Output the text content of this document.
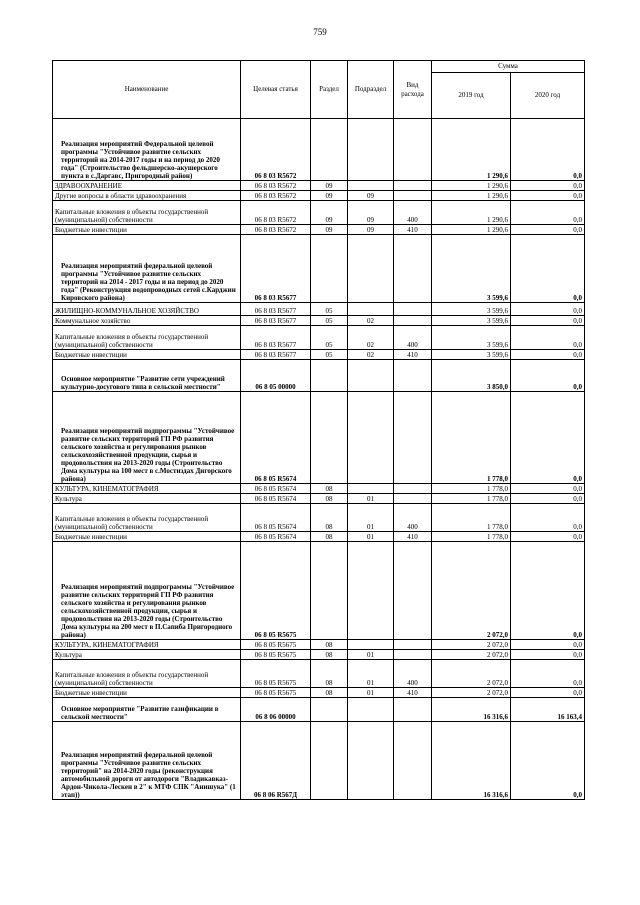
759
Наименование	Целевая статья	Раздел	Подраздел	Вид расхода	Сумма	
					2019 год	2020 год
Реализация мероприятий Федеральной целевой программы "Устойчивое развитие сельских территорий на 2014-2017 годы и на период до 2020 года" (Строительство фельдшерско-акушерского пункта в с.Даргавс, Пригородный район)	06 8 03 R5672				1 290,6	0,0
ЗДРАВООХРАНЕНИЕ	06 8 03 R5672	09			1 290,6	0,0
Другие вопросы в области здравоохранения	06 8 03 R5672	09	09		1 290,6	0,0
Капитальные вложения в объекты государственной (муниципальной) собственности	06 8 03 R5672	09	09	400	1 290,6	0,0
Бюджетные инвестиции	06 8 03 R5672	09	09	410	1 290,6	0,0
Реализация мероприятий федеральной целевой программы "Устойчивое развитие сельских территорий на 2014 - 2017 годы и на период до 2020 года" (Реконструкция водопроводных сетей с.Карджин Кировского района)	06 8 03 R5677				3 599,6	0,0
ЖИЛИЩНО-КОММУНАЛЬНОЕ ХОЗЯЙСТВО	06 8 03 R5677	05			3 599,6	0,0
Коммунальное хозяйство	06 8 03 R5677	05	02		3 599,6	0,0
Капитальные вложения в объекты государственной (муниципальной) собственности	06 8 03 R5677	05	02	400	3 599,6	0,0
Бюджетные инвестиции	06 8 03 R5677	05	02	410	3 599,6	0,0
Основное мероприятие "Развитие сети учреждений культурно-досугового типа в сельской местности"	06 8 05 00000				3 850,0	0,0
Реализация мероприятий подпрограммы "Устойчивое развитие сельских территорий ГП РФ развития сельского хозяйства и регулирования рынков сельскохозяйственной продукции, сырья и продовольствия на 2013-2020 годы (Строительство Дома культуры на 100 мест в с.Мостиздах Дигорского района)	06 8 05 R5674				1 778,0	0,0
КУЛЬТУРА, КИНЕМАТОГРАФИЯ	06 8 05 R5674	08			1 778,0	0,0
Культура	06 8 05 R5674	08	01		1 778,0	0,0
Капитальные вложения в объекты государственной (муниципальной) собственности	06 8 05 R5674	08	01	400	1 778,0	0,0
Бюджетные инвестиции	06 8 05 R5674	08	01	410	1 778,0	0,0
Реализация мероприятий подпрограммы "Устойчивое развитие сельских территорий ГП РФ развития сельского хозяйства и регулирования рынков сельскохозяйственной продукции, сырья и продовольствия на 2013-2020 годы (Строительство Дома культуры на 200 мест в П.Сапиба Пригородного района)	06 8 05 R5675				2 072,0	0,0
КУЛЬТУРА, КИНЕМАТОГРАФИЯ	06 8 05 R5675	08			2 072,0	0,0
Культура	06 8 05 R5675	08	01		2 072,0	0,0
Капитальные вложения в объекты государственной (муниципальной) собственности	06 8 05 R5675	08	01	400	2 072,0	0,0
Бюджетные инвестиции	06 8 05 R5675	08	01	410	2 072,0	0,0
Основное мероприятие "Развитие газификации в сельской местности"	06 8 06 00000				16 316,6	16 163,4
Реализация мероприятий федеральной целевой программы "Устойчивое развитие сельских территорий" на 2014-2020 годы (реконструкция автомобильной дороги от автодороги "Владикавказ-Ардон-Чикола-Лескен в 2" к МТФ СПК "Анишука" (1 этап))	06 8 06 R567Д				16 316,6	0,0
